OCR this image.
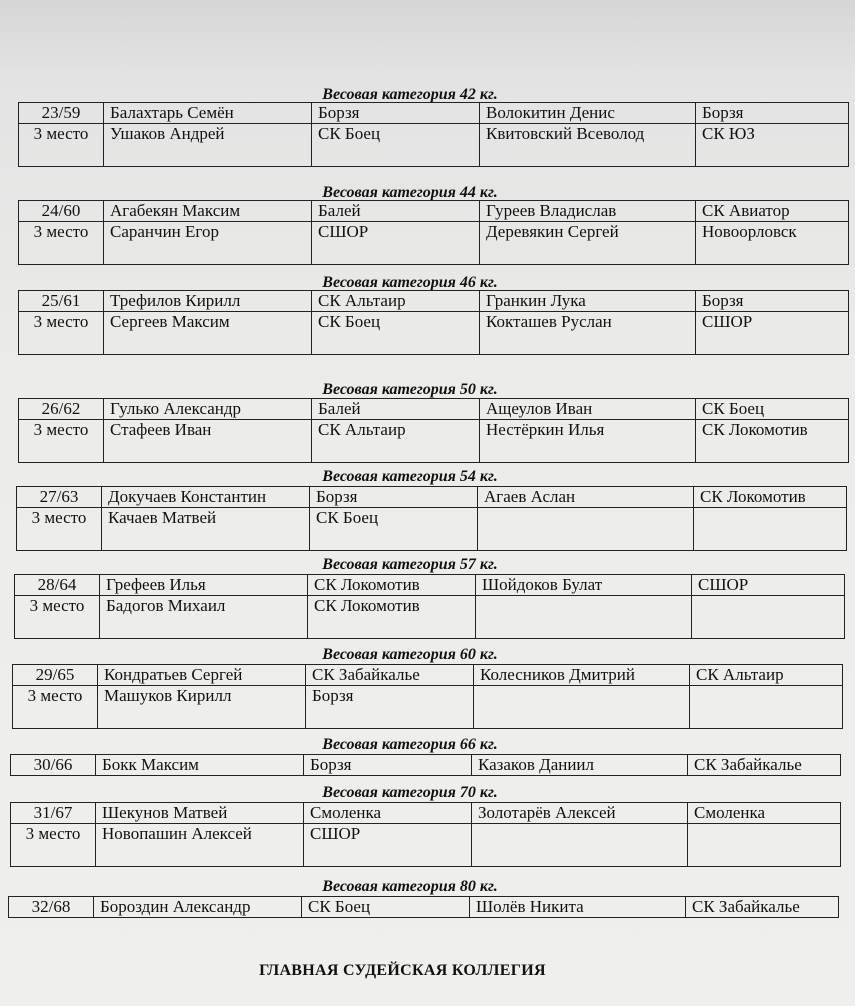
Весовая категория 42 кг.
23/59	Балахтарь Семён	Борзя	Волокитин Денис	Борзя
3 место	Ушаков Андрей	СК Боец	Квитовский Всеволод	СК ЮЗ
Весовая категория 44 кг.
24/60	Агабекян Максим	Балей	Гуреев Владислав	СК Авиатор
3 место	Саранчин Егор	СШОР	Деревякин Сергей	Новоорловск
Весовая категория 46 кг.
25/61	Трефилов Кирилл	СК Альтаир	Гранкин Лука	Борзя
3 место	Сергеев Максим	СК Боец	Кокташев Руслан	СШОР
Весовая категория 50 кг.
26/62	Гулько Александр	Балей	Ащеулов Иван	СК Боец
3 место	Стафеев Иван	СК Альтаир	Нестёркин Илья	СК Локомотив
Весовая категория 54 кг.
27/63	Докучаев Константин	Борзя	Агаев Аслан	СК Локомотив
3 место	Качаев Матвей	СК Боец		
Весовая категория 57 кг.
28/64	Грефеев Илья	СК Локомотив	Шойдоков Булат	СШОР
3 место	Бадогов Михаил	СК Локомотив		
Весовая категория 60 кг.
29/65	Кондратьев Сергей	СК Забайкалье	Колесников Дмитрий	СК Альтаир
3 место	Машуков Кирилл	Борзя		
Весовая категория 66 кг.
30/66	Бокк Максим	Борзя	Казаков Даниил	СК Забайкалье
Весовая категория 70 кг.
31/67	Шекунов Матвей	Смоленка	Золотарёв Алексей	Смоленка
3 место	Новопашин Алексей	СШОР		
Весовая категория 80 кг.
32/68	Бороздин Александр	СК Боец	Шолёв Никита	СК Забайкалье
ГЛАВНАЯ СУДЕЙСКАЯ КОЛЛЕГИЯ
